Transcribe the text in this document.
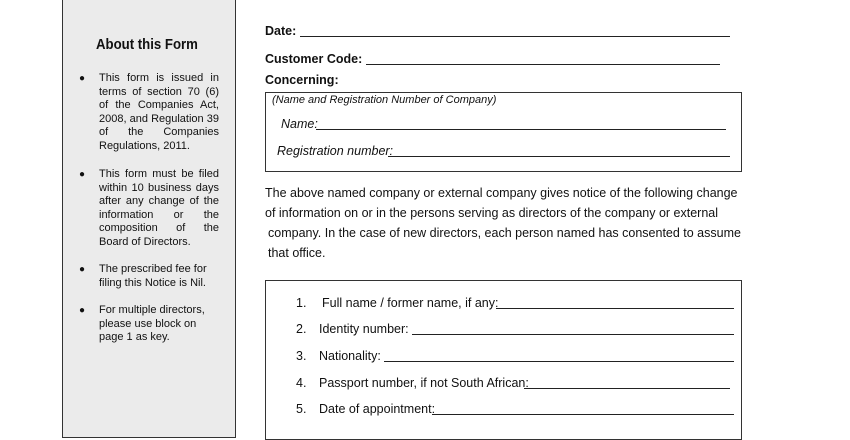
About this Form
● This form is issued in terms of section 70 (6) of the Companies Act, 2008, and Regulation 39 of the Companies Regulations, 2011.
● This form must be filed within 10 business days after any change of the information or the composition of the Board of Directors.
● The prescribed fee for filing this Notice is Nil.
● For multiple directors, please use block on page 1 as key.
Date:
Customer Code:
Concerning:
(Name and Registration Number of Company)
Name:
Registration number:
The above named company or external company gives notice of the following change
of information on or in the persons serving as directors of the company or external
company. In the case of new directors, each person named has consented to assume
that office.
1. Full name / former name, if any:
2. Identity number:
3. Nationality:
4. Passport number, if not South African:
5. Date of appointment:
